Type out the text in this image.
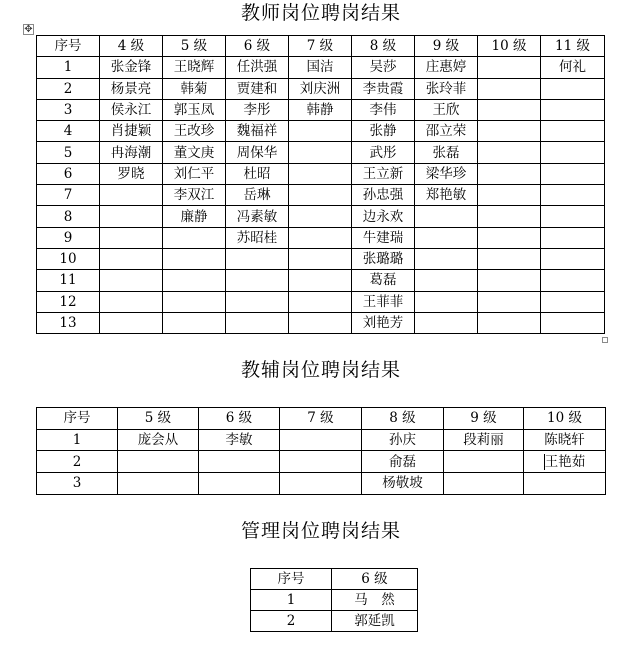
✥
教师岗位聘岗结果
序号	4 级	5 级	6 级	7 级	8 级	9 级	10 级	11 级
1	张金锋	王晓辉	任洪强	国洁	吴莎	庄惠婷		何礼
2	杨景亮	韩菊	贾建和	刘庆洲	李贵霞	张玲菲		
3	侯永江	郭玉凤	李彤	韩静	李伟	王欣		
4	肖捷颖	王改珍	魏福祥		张静	邵立荣		
5	冉海潮	董文庚	周保华		武彤	张磊		
6	罗晓	刘仁平	杜昭		王立新	梁华珍		
7		李双江	岳琳		孙忠强	郑艳敏		
8		廉静	冯素敏		边永欢			
9			苏昭桂		牛建瑞			
10					张璐璐			
11					葛磊			
12					王菲菲			
13					刘艳芳			
教辅岗位聘岗结果
序号	5 级	6 级	7 级	8 级	9 级	10 级
1	庞会从	李敏		孙庆	段莉丽	陈晓轩
2				俞磊		王艳茹
3				杨敬坡		
管理岗位聘岗结果
序号	6 级
1	马　然
2	郭延凯
